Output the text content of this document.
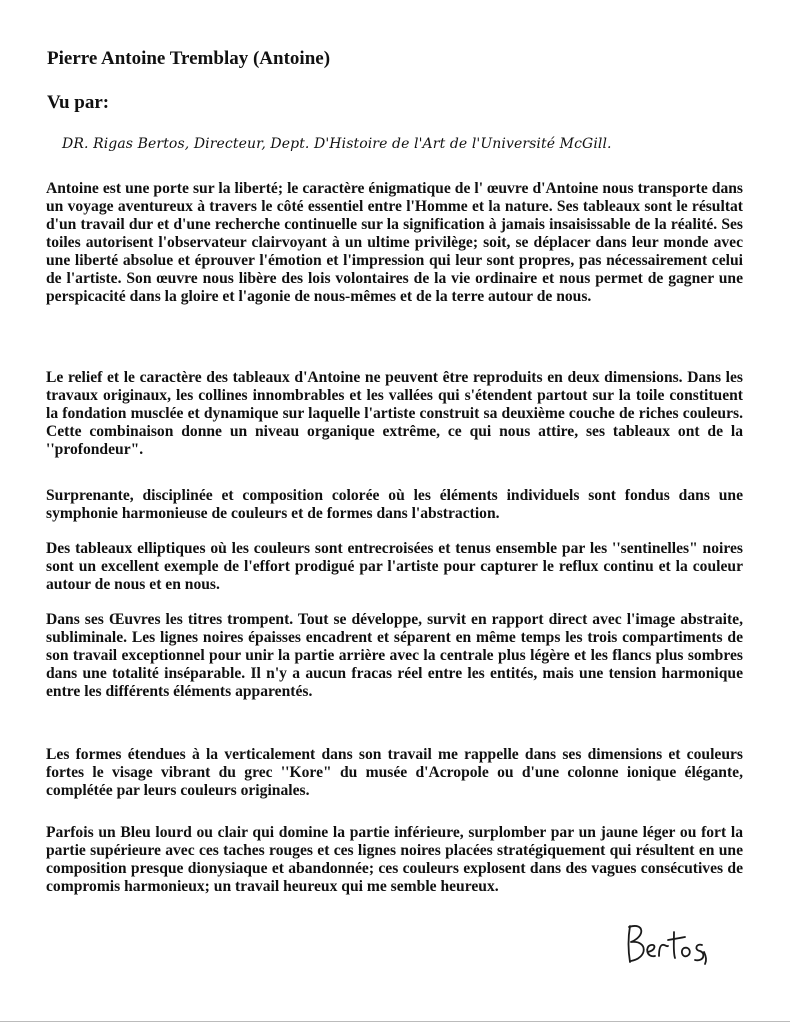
Pierre Antoine Tremblay (Antoine)
Vu par:
DR. Rigas Bertos, Directeur, Dept. D'Histoire de l'Art de l'Université McGill.

Antoine est une porte sur la liberté; le caractère énigmatique de l' œuvre d'Antoine nous transporte dans un voyage aventureux à travers le côté essentiel entre l'Homme et la nature. Ses tableaux sont le résultat d'un travail dur et d'une recherche continuelle sur la signification à jamais insaisissable de la réalité. Ses toiles autorisent l'observateur clairvoyant à un ultime privilège; soit, se déplacer dans leur monde avec une liberté absolue et éprouver l'émotion et l'impression qui leur sont propres, pas nécessairement celui de l'artiste. Son œuvre nous libère des lois volontaires de la vie ordinaire et nous permet de gagner une perspicacité dans la gloire et l'agonie de nous-mêmes et de la terre autour de nous.

Le relief et le caractère des tableaux d'Antoine ne peuvent être reproduits en deux dimensions. Dans les travaux originaux, les collines innombrables et les vallées qui s'étendent partout sur la toile constituent la fondation musclée et dynamique sur laquelle l'artiste construit sa deuxième couche de riches couleurs. Cette combinaison donne un niveau organique extrême, ce qui nous attire, ses tableaux ont de la ''profondeur".

Surprenante, disciplinée et composition colorée où les éléments individuels sont fondus dans une symphonie harmonieuse de couleurs et de formes dans l'abstraction.

Des tableaux elliptiques où les couleurs sont entrecroisées et tenus ensemble par les ''sentinelles" noires sont un excellent exemple de l'effort prodigué par l'artiste pour capturer le reflux continu et la couleur autour de nous et en nous.

Dans ses Œuvres les titres trompent. Tout se développe, survit en rapport direct avec l'image abstraite, subliminale. Les lignes noires épaisses encadrent et séparent en même temps les trois compartiments de son travail exceptionnel pour unir la partie arrière avec la centrale plus légère et les flancs plus sombres dans une totalité inséparable. Il n'y a aucun fracas réel entre les entités, mais une tension harmonique entre les différents éléments apparentés.

Les formes étendues à la verticalement dans son travail me rappelle dans ses dimensions et couleurs fortes le visage vibrant du grec ''Kore" du musée d'Acropole ou d'une colonne ionique élégante, complétée par leurs couleurs originales.

Parfois un Bleu lourd ou clair qui domine la partie inférieure, surplomber par un jaune léger ou fort la partie supérieure avec ces taches rouges et ces lignes noires placées stratégiquement qui résultent en une composition presque dionysiaque et abandonnée; ces couleurs explosent dans des vagues consécutives de compromis harmonieux; un travail heureux qui me semble heureux.
